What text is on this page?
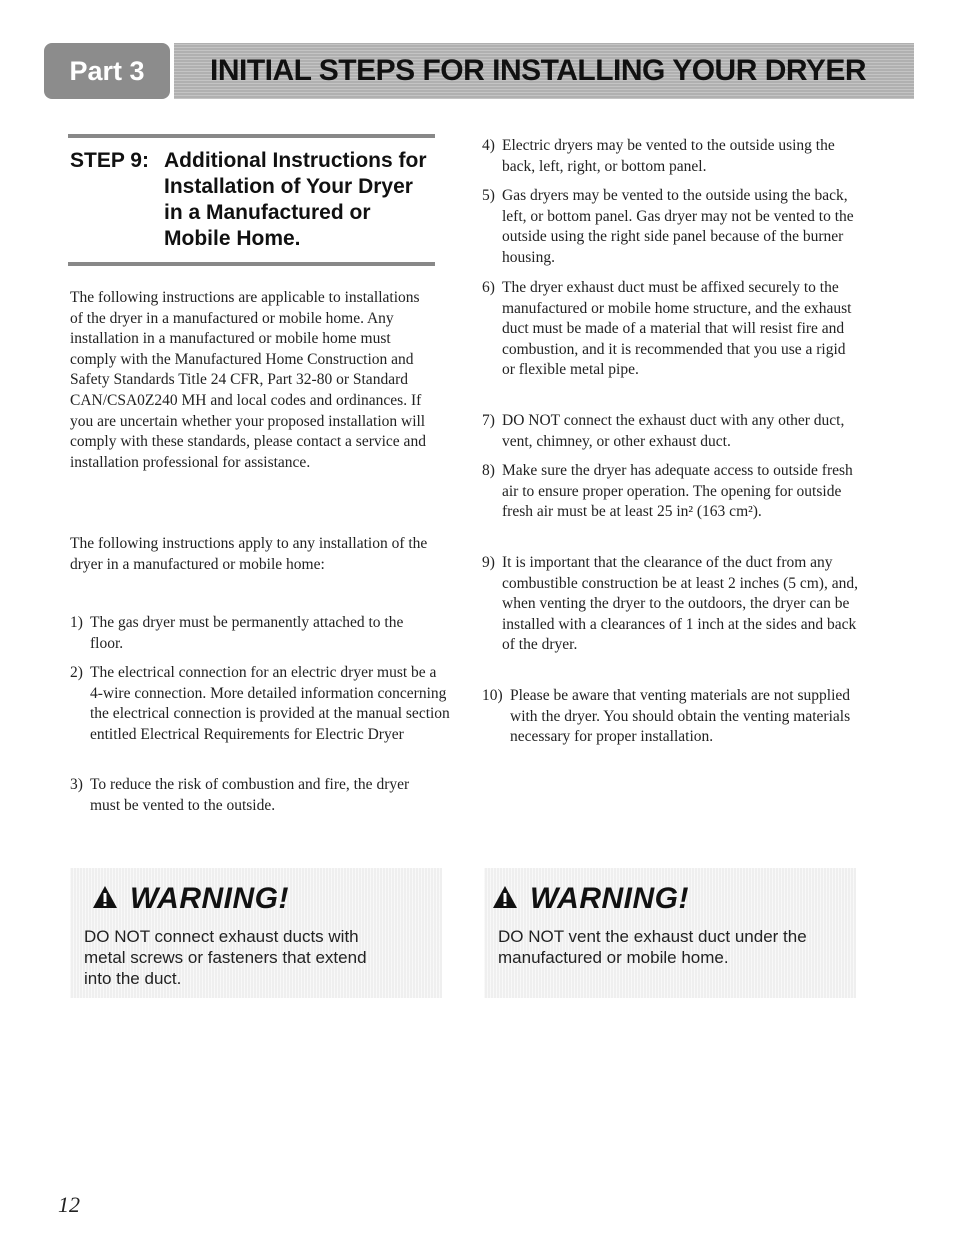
Part 3	INITIAL STEPS FOR INSTALLING YOUR DRYER
STEP 9: Additional Instructions for Installation of Your Dryer in a Manufactured or Mobile Home.

The following instructions are applicable to installations of the dryer in a manufactured or mobile home. Any installation in a manufactured or mobile home must comply with the Manufactured Home Construction and Safety Standards Title 24 CFR, Part 32-80 or Standard CAN/CSA0Z240 MH and local codes and ordinances. If you are uncertain whether your proposed installation will comply with these standards, please contact a service and installation professional for assistance.

The following instructions apply to any installation of the dryer in a manufactured or mobile home:

1) The gas dryer must be permanently attached to the floor.
2) The electrical connection for an electric dryer must be a 4-wire connection. More detailed information concerning the electrical connection is provided at the manual section entitled Electrical Requirements for Electric Dryer
3) To reduce the risk of combustion and fire, the dryer must be vented to the outside.
4) Electric dryers may be vented to the outside using the back, left, right, or bottom panel.
5) Gas dryers may be vented to the outside using the back, left, or bottom panel. Gas dryer may not be vented to the outside using the right side panel because of the burner housing.
6) The dryer exhaust duct must be affixed securely to the manufactured or mobile home structure, and the exhaust duct must be made of a material that will resist fire and combustion, and it is recommended that you use a rigid or flexible metal pipe.
7) DO NOT connect the exhaust duct with any other duct, vent, chimney, or other exhaust duct.
8) Make sure the dryer has adequate access to outside fresh air to ensure proper operation. The opening for outside fresh air must be at least 25 in² (163 cm²).
9) It is important that the clearance of the duct from any combustible construction be at least 2 inches (5 cm), and, when venting the dryer to the outdoors, the dryer can be installed with a clearances of 1 inch at the sides and back of the dryer.
10) Please be aware that venting materials are not supplied with the dryer. You should obtain the venting materials necessary for proper installation.
WARNING!
DO NOT connect exhaust ducts with metal screws or fasteners that extend into the duct.
WARNING!
DO NOT vent the exhaust duct under the manufactured or mobile home.
12
